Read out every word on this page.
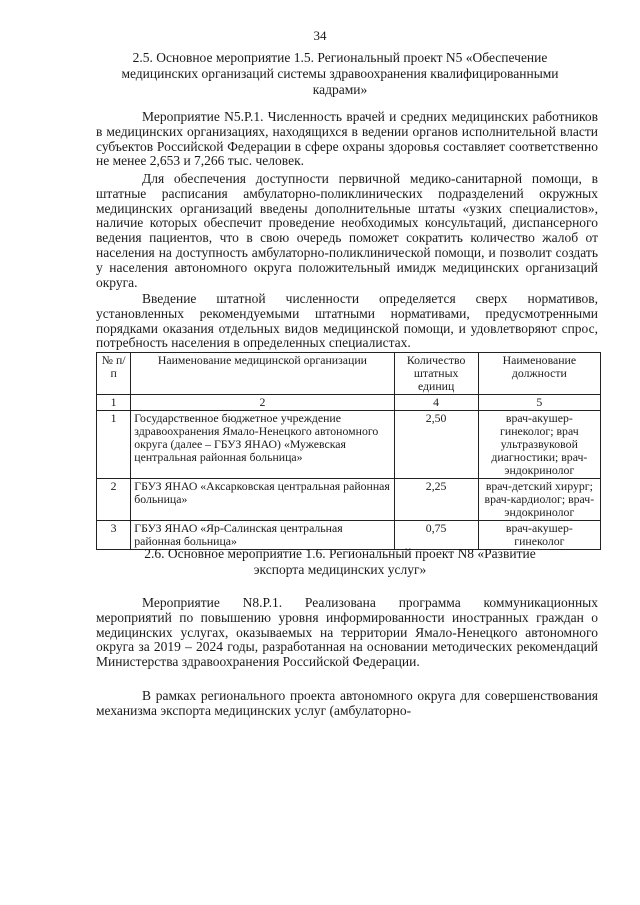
34
2.5. Основное мероприятие 1.5. Региональный проект N5 «Обеспечение
медицинских организаций системы здравоохранения квалифицированными
кадрами»

Мероприятие N5.P.1. Численность врачей и средних медицинских работников в медицинских организациях, находящихся в ведении органов исполнительной власти субъектов Российской Федерации в сфере охраны здоровья составляет соответственно не менее 2,653 и 7,266 тыс. человек.

Для обеспечения доступности первичной медико-санитарной помощи, в штатные расписания амбулаторно-поликлинических подразделений окружных медицинских организаций введены дополнительные штаты «узких специалистов», наличие которых обеспечит проведение необходимых консультаций, диспансерного ведения пациентов, что в свою очередь поможет сократить количество жалоб от населения на доступность амбулаторно-поликлинической помощи, и позволит создать у населения автономного округа положительный имидж медицинских организаций округа.

Введение штатной численности определяется сверх нормативов, установленных рекомендуемыми штатными нормативами, предусмотренными порядками оказания отдельных видов медицинской помощи, и удовлетворяют спрос, потребность населения в определенных специалистах.

№ п/п	Наименование медицинской организации	Количество штатных единиц	Наименование должности
1	2	4	5
1	Государственное бюджетное учреждение здравоохранения Ямало-Ненецкого автономного округа (далее – ГБУЗ ЯНАО) «Мужевская центральная районная больница»	2,50	врач-акушер-гинеколог; врач ультразвуковой диагностики; врач-эндокринолог
2	ГБУЗ ЯНАО «Аксарковская центральная районная больница»	2,25	врач-детский хирург; врач-кардиолог; врач-эндокринолог
3	ГБУЗ ЯНАО «Яр-Салинская центральная районная больница»	0,75	врач-акушер-гинеколог
2.6. Основное мероприятие 1.6. Региональный проект N8 «Развитие
экспорта медицинских услуг»

Мероприятие N8.P.1. Реализована программа коммуникационных мероприятий по повышению уровня информированности иностранных граждан о медицинских услугах, оказываемых на территории Ямало-Ненецкого автономного округа за 2019 – 2024 годы, разработанная на основании методических рекомендаций Министерства здравоохранения Российской Федерации.

В рамках регионального проекта автономного округа для совершенствования механизма экспорта медицинских услуг (амбулаторно-
